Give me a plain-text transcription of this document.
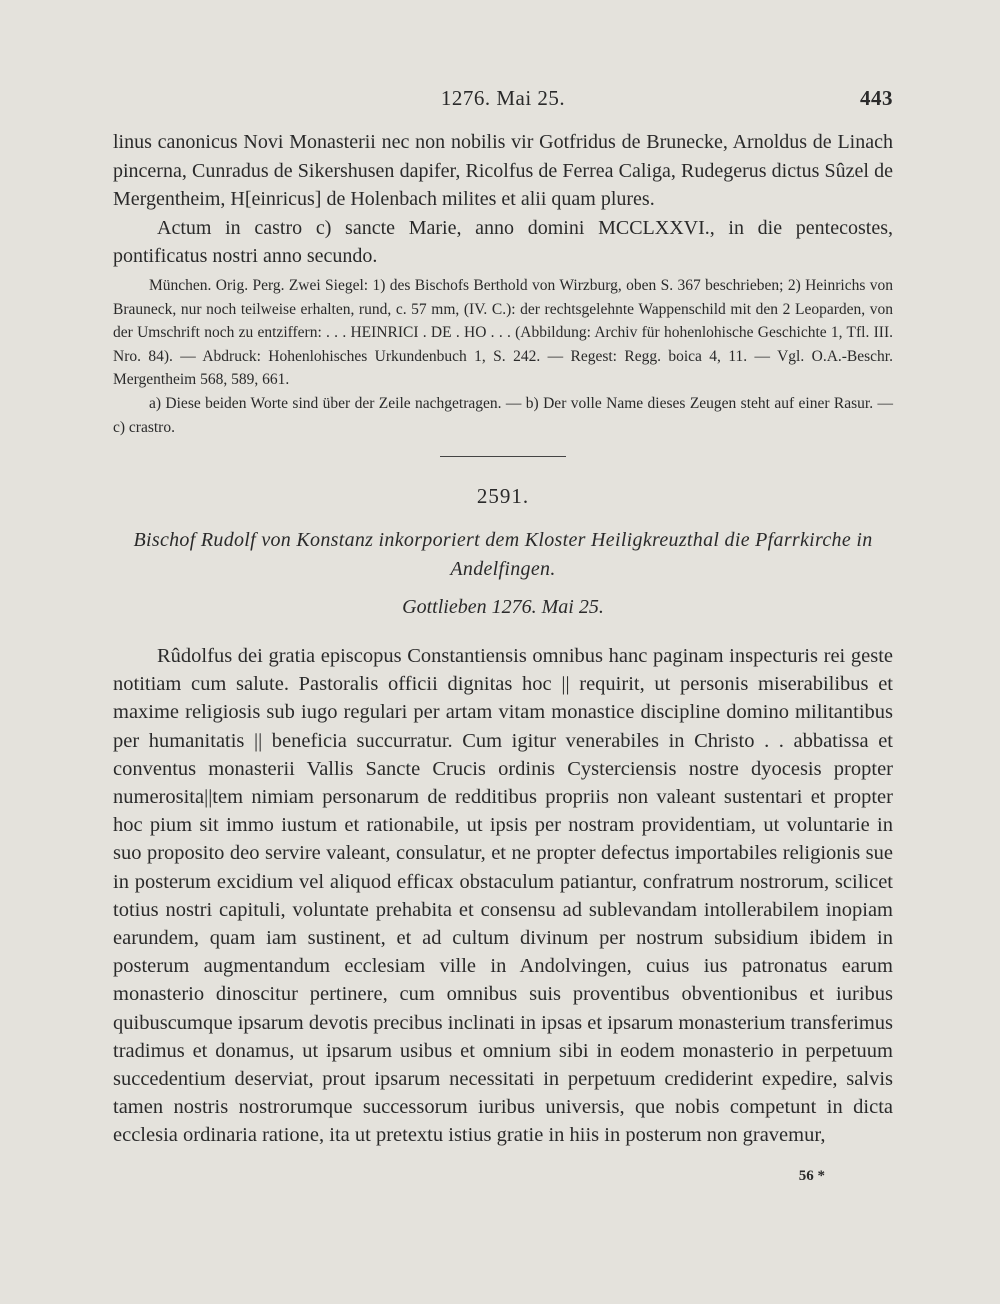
1276. Mai 25.	443

linus canonicus Novi Monasterii nec non nobilis vir Gotfridus de Brunecke, Arnoldus de Linach pincerna, Cunradus de Sikershusen dapifer, Ricolfus de Ferrea Caliga, Rudegerus dictus Sûzel de Mergentheim, H[einricus] de Holenbach milites et alii quam plures.

Actum in castro c) sancte Marie, anno domini MCCLXXVI., in die pentecostes, pontificatus nostri anno secundo.

München. Orig. Perg. Zwei Siegel: 1) des Bischofs Berthold von Wirzburg, oben S. 367 beschrieben; 2) Heinrichs von Brauneck, nur noch teilweise erhalten, rund, c. 57 mm, (IV. C.): der rechtsgelehnte Wappenschild mit den 2 Leoparden, von der Umschrift noch zu entziffern: . . . HEINRICI . DE . HO . . . (Abbildung: Archiv für hohenlohische Geschichte 1, Tfl. III. Nro. 84). — Abdruck: Hohenlohisches Urkundenbuch 1, S. 242. — Regest: Regg. boica 4, 11. — Vgl. O.A.-Beschr. Mergentheim 568, 589, 661.

a) Diese beiden Worte sind über der Zeile nachgetragen. — b) Der volle Name dieses Zeugen steht auf einer Rasur. — c) crastro.

2591.
Bischof Rudolf von Konstanz inkorporiert dem Kloster Heiligkreuzthal die Pfarrkirche in Andelfingen.
Gottlieben 1276. Mai 25.

Rûdolfus dei gratia episcopus Constantiensis omnibus hanc paginam inspecturis rei geste notitiam cum salute. Pastoralis officii dignitas hoc || requirit, ut personis miserabilibus et maxime religiosis sub iugo regulari per artam vitam monastice discipline domino militantibus per humanitatis || beneficia succurratur. Cum igitur venerabiles in Christo . . abbatissa et conventus monasterii Vallis Sancte Crucis ordinis Cysterciensis nostre dyocesis propter numerosita||tem nimiam personarum de redditibus propriis non valeant sustentari et propter hoc pium sit immo iustum et rationabile, ut ipsis per nostram providentiam, ut voluntarie in suo proposito deo servire valeant, consulatur, et ne propter defectus importabiles religionis sue in posterum excidium vel aliquod efficax obstaculum patiantur, confratrum nostrorum, scilicet totius nostri capituli, voluntate prehabita et consensu ad sublevandam intollerabilem inopiam earundem, quam iam sustinent, et ad cultum divinum per nostrum subsidium ibidem in posterum augmentandum ecclesiam ville in Andolvingen, cuius ius patronatus earum monasterio dinoscitur pertinere, cum omnibus suis proventibus obventionibus et iuribus quibuscumque ipsarum devotis precibus inclinati in ipsas et ipsarum monasterium transferimus tradimus et donamus, ut ipsarum usibus et omnium sibi in eodem monasterio in perpetuum succedentium deserviat, prout ipsarum necessitati in perpetuum crediderint expedire, salvis tamen nostris nostrorumque successorum iuribus universis, que nobis competunt in dicta ecclesia ordinaria ratione, ita ut pretextu istius gratie in hiis in posterum non gravemur,

56 *
